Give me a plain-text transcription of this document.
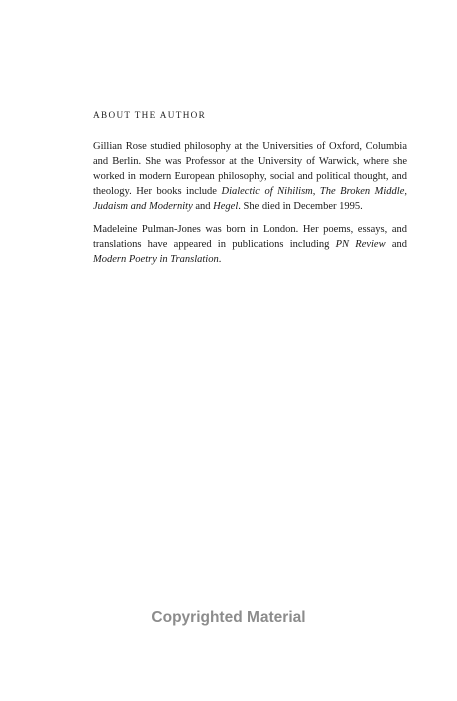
ABOUT THE AUTHOR

Gillian Rose studied philosophy at the Universities of Oxford, Columbia and Berlin. She was Professor at the University of Warwick, where she worked in modern European philosophy, social and political thought, and theology. Her books include Dialectic of Nihilism, The Broken Middle, Judaism and Modernity and Hegel. She died in December 1995.

Madeleine Pulman-Jones was born in London. Her poems, essays, and translations have appeared in publications including PN Review and Modern Poetry in Translation.

Copyrighted Material
